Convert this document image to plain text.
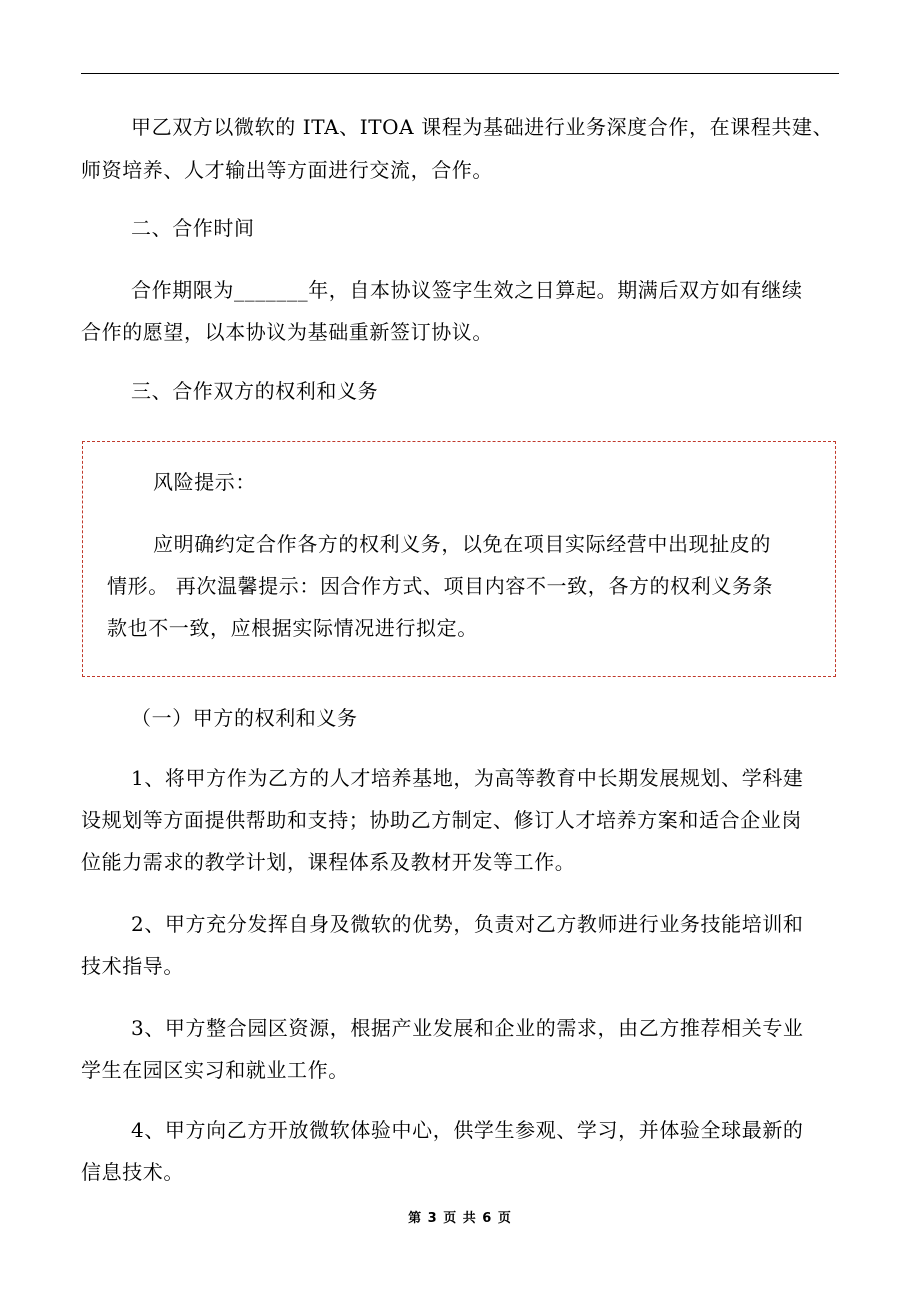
甲乙双方以微软的 ITA、ITOA 课程为基础进行业务深度合作，在课程共建、
师资培养、人才输出等方面进行交流，合作。
二、合作时间
合作期限为_______年，自本协议签字生效之日算起。期满后双方如有继续
合作的愿望，以本协议为基础重新签订协议。
三、合作双方的权利和义务
风险提示：
应明确约定合作各方的权利义务，以免在项目实际经营中出现扯皮的
情形。 再次温馨提示：因合作方式、项目内容不一致，各方的权利义务条
款也不一致，应根据实际情况进行拟定。
（一）甲方的权利和义务
1、将甲方作为乙方的人才培养基地，为高等教育中长期发展规划、学科建
设规划等方面提供帮助和支持；协助乙方制定、修订人才培养方案和适合企业岗
位能力需求的教学计划，课程体系及教材开发等工作。
2、甲方充分发挥自身及微软的优势，负责对乙方教师进行业务技能培训和
技术指导。
3、甲方整合园区资源，根据产业发展和企业的需求，由乙方推荐相关专业
学生在园区实习和就业工作。
4、甲方向乙方开放微软体验中心，供学生参观、学习，并体验全球最新的
信息技术。
第 3 页 共 6 页
